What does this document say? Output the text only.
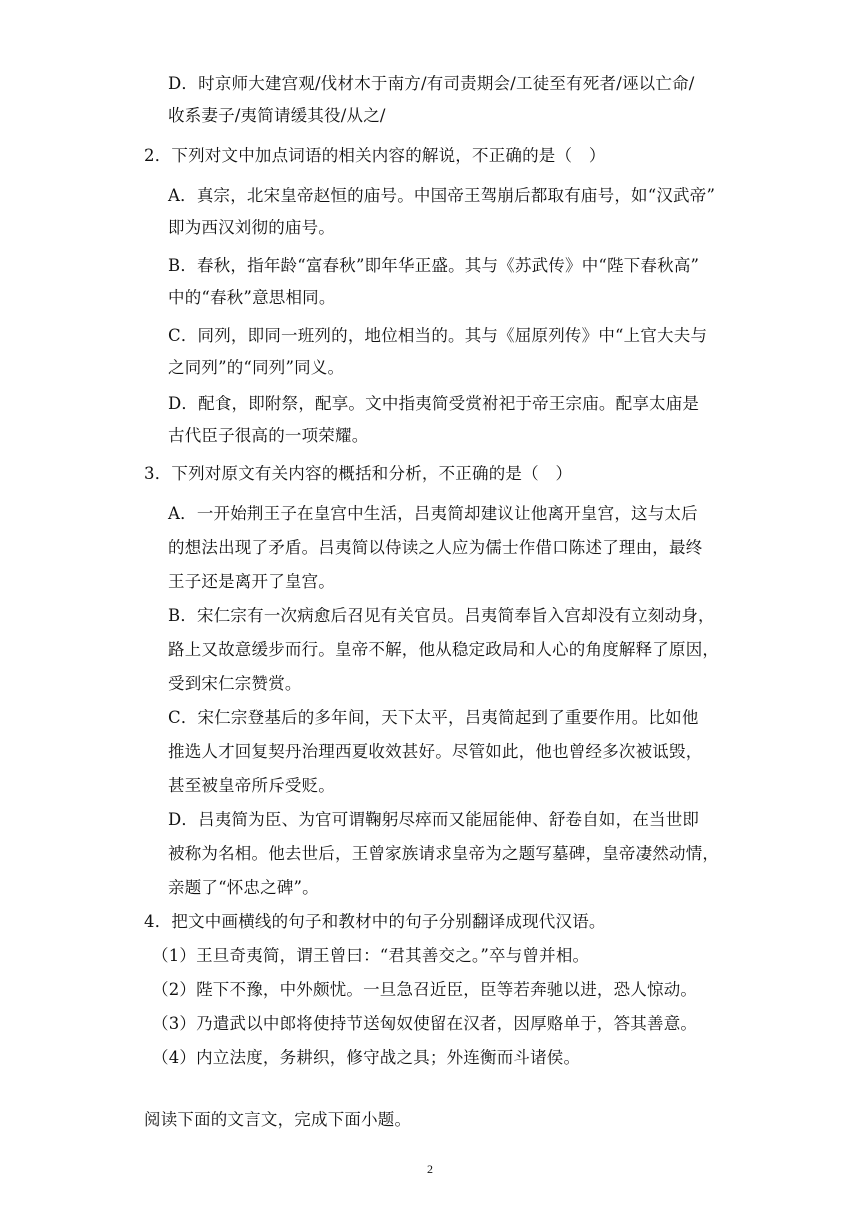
D．时京师大建宫观/伐材木于南方/有司责期会/工徒至有死者/诬以亡命/
收系妻子/夷简请缓其役/从之/
2．下列对文中加点词语的相关内容的解说，不正确的是（　）
A．真宗，北宋皇帝赵恒的庙号。中国帝王驾崩后都取有庙号，如“汉武帝”
即为西汉刘彻的庙号。
B．春秋，指年龄“富春秋”即年华正盛。其与《苏武传》中“陛下春秋高”
中的“春秋”意思相同。
C．同列，即同一班列的，地位相当的。其与《屈原列传》中“上官大夫与
之同列”的“同列”同义。
D．配食，即附祭，配享。文中指夷简受赏祔祀于帝王宗庙。配享太庙是
古代臣子很高的一项荣耀。
3．下列对原文有关内容的概括和分析，不正确的是（　）
A．一开始荆王子在皇宫中生活，吕夷简却建议让他离开皇宫，这与太后
的想法出现了矛盾。吕夷简以侍读之人应为儒士作借口陈述了理由，最终
王子还是离开了皇宫。
B．宋仁宗有一次病愈后召见有关官员。吕夷简奉旨入宫却没有立刻动身，
路上又故意缓步而行。皇帝不解，他从稳定政局和人心的角度解释了原因，
受到宋仁宗赞赏。
C．宋仁宗登基后的多年间，天下太平，吕夷简起到了重要作用。比如他
推选人才回复契丹治理西夏收效甚好。尽管如此，他也曾经多次被诋毁，
甚至被皇帝所斥受贬。
D．吕夷简为臣、为官可谓鞠躬尽瘁而又能屈能伸、舒卷自如，在当世即
被称为名相。他去世后，王曾家族请求皇帝为之题写墓碑，皇帝凄然动情，
亲题了“怀忠之碑”。
4．把文中画横线的句子和教材中的句子分别翻译成现代汉语。
（1）王旦奇夷简，谓王曾曰：“君其善交之。”卒与曾并相。
（2）陛下不豫，中外颇忧。一旦急召近臣，臣等若奔驰以进，恐人惊动。
（3）乃遣武以中郎将使持节送匈奴使留在汉者，因厚赂单于，答其善意。
（4）内立法度，务耕织，修守战之具；外连衡而斗诸侯。
阅读下面的文言文，完成下面小题。
2
